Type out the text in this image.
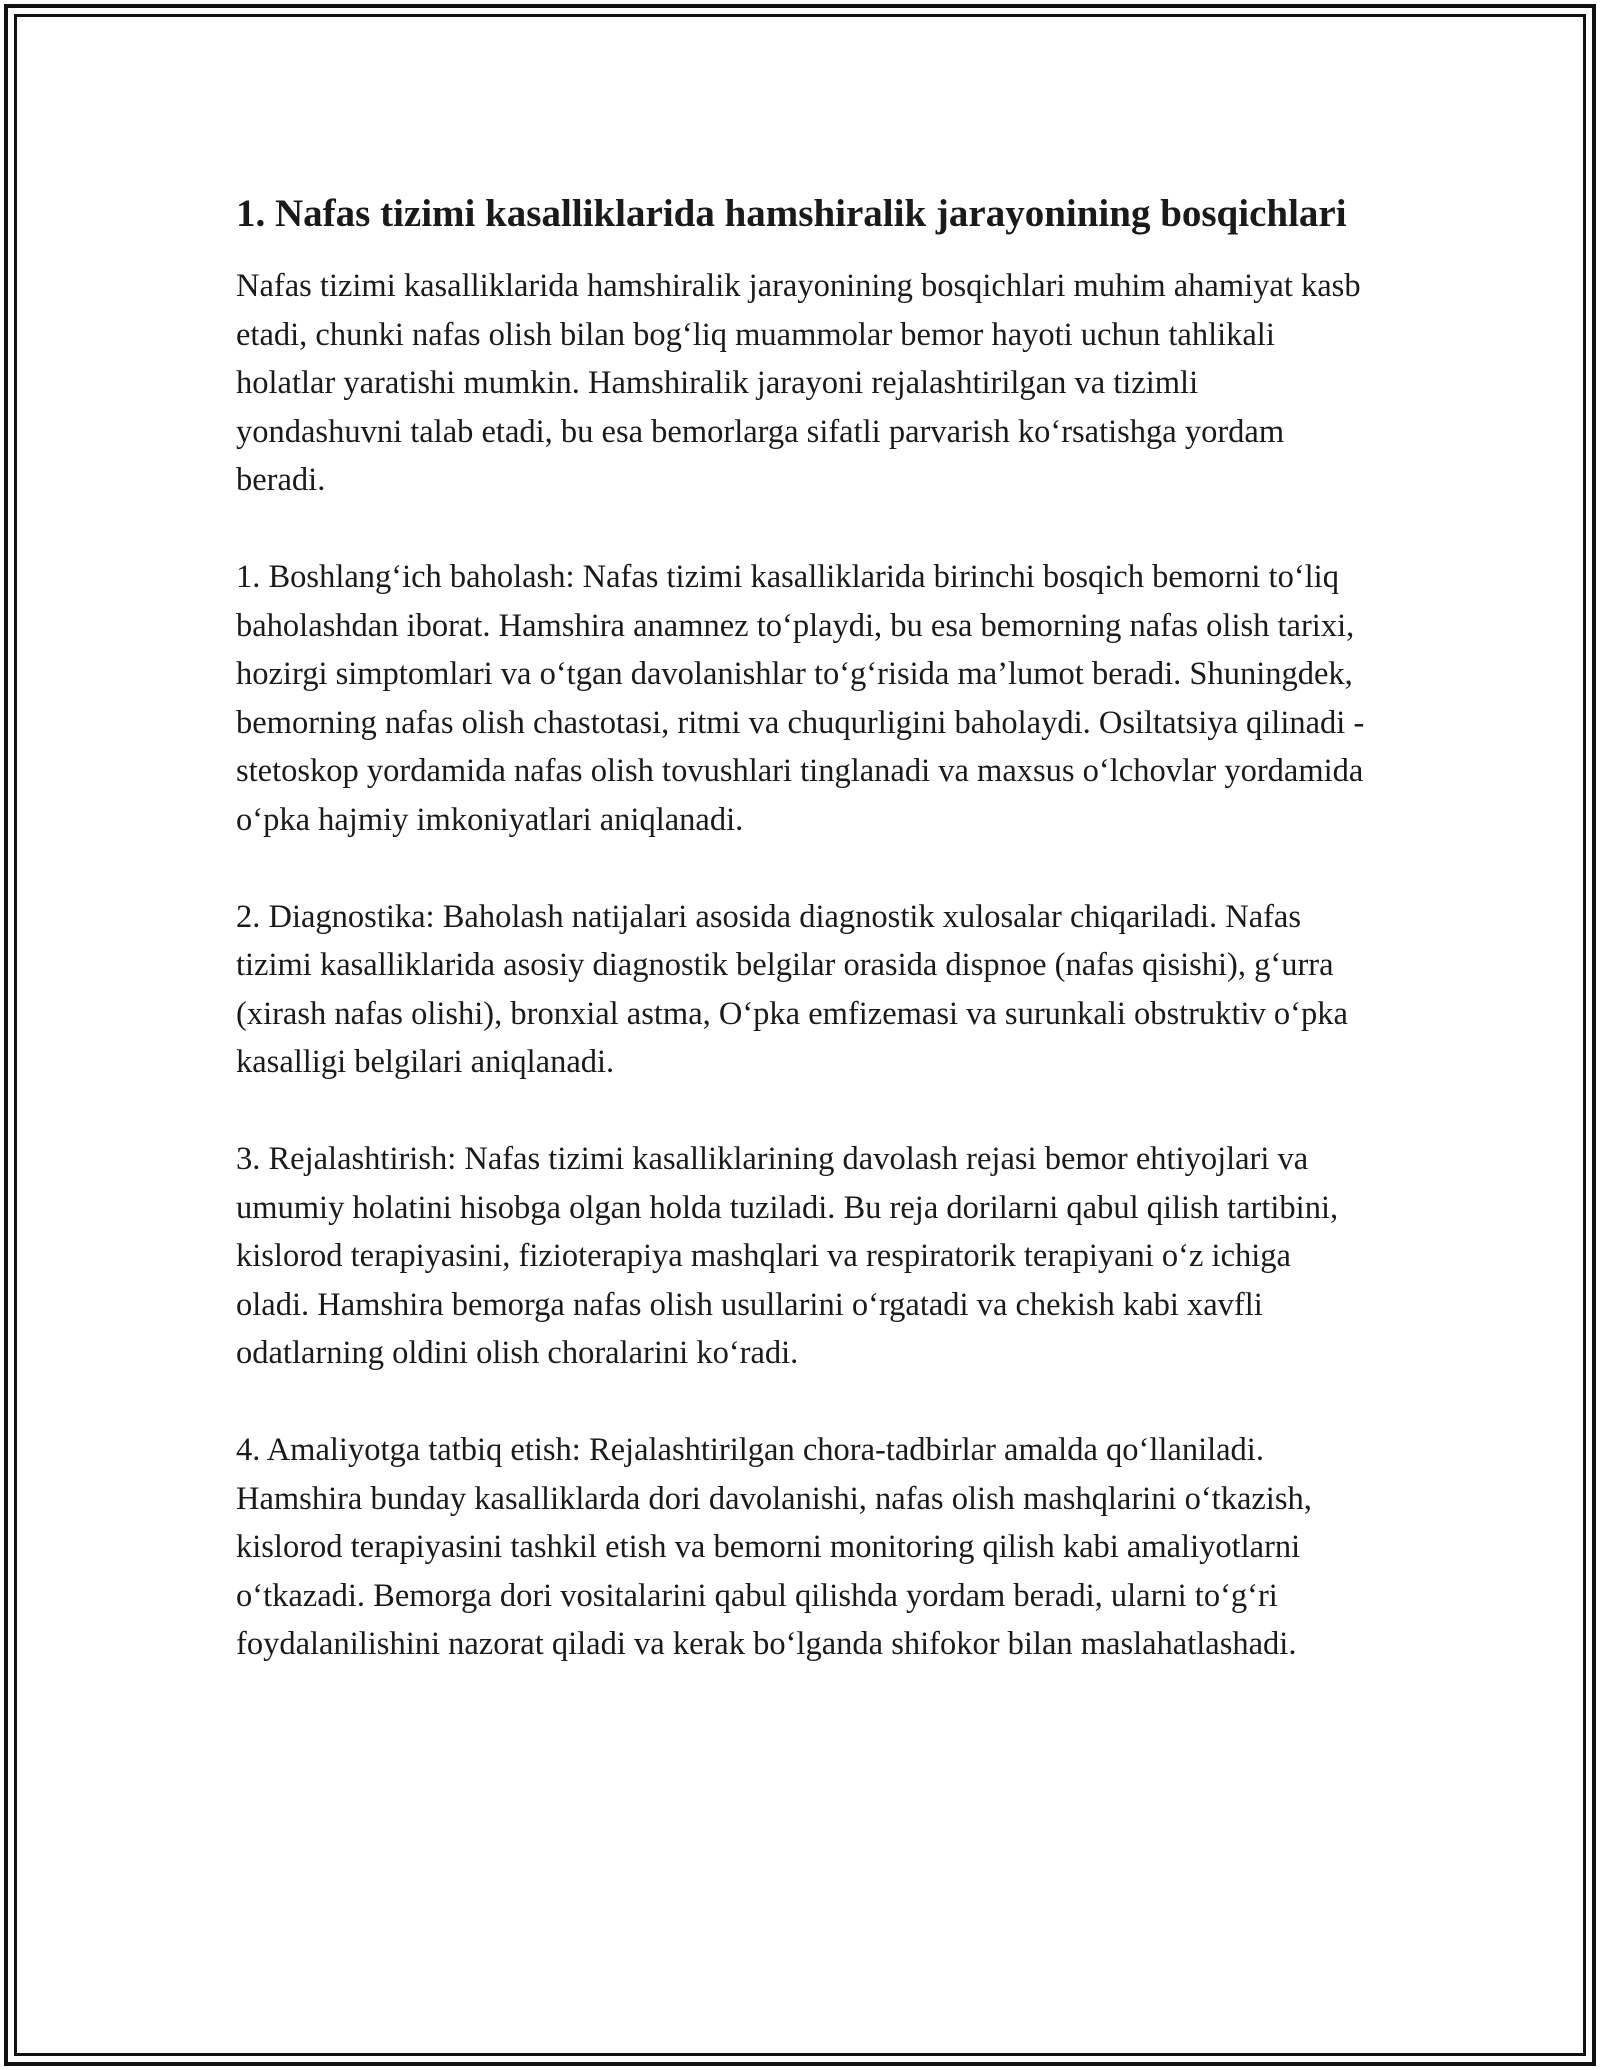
1. Nafas tizimi kasalliklarida hamshiralik jarayonining bosqichlari

Nafas tizimi kasalliklarida hamshiralik jarayonining bosqichlari muhim ahamiyat kasb etadi, chunki nafas olish bilan bog‘liq muammolar bemor hayoti uchun tahlikali holatlar yaratishi mumkin. Hamshiralik jarayoni rejalashtirilgan va tizimli yondashuvni talab etadi, bu esa bemorlarga sifatli parvarish ko‘rsatishga yordam beradi.

1. Boshlang‘ich baholash: Nafas tizimi kasalliklarida birinchi bosqich bemorni to‘liq baholashdan iborat. Hamshira anamnez to‘playdi, bu esa bemorning nafas olish tarixi, hozirgi simptomlari va o‘tgan davolanishlar to‘g‘risida ma’lumot beradi. Shuningdek, bemorning nafas olish chastotasi, ritmi va chuqurligini baholaydi. Osiltatsiya qilinadi - stetoskop yordamida nafas olish tovushlari tinglanadi va maxsus o‘lchovlar yordamida o‘pka hajmiy imkoniyatlari aniqlanadi.

2. Diagnostika: Baholash natijalari asosida diagnostik xulosalar chiqariladi. Nafas tizimi kasalliklarida asosiy diagnostik belgilar orasida dispnoe (nafas qisishi), g‘urra (xirash nafas olishi), bronxial astma, O‘pka emfizemasi va surunkali obstruktiv o‘pka kasalligi belgilari aniqlanadi.

3. Rejalashtirish: Nafas tizimi kasalliklarining davolash rejasi bemor ehtiyojlari va umumiy holatini hisobga olgan holda tuziladi. Bu reja dorilarni qabul qilish tartibini, kislorod terapiyasini, fizioterapiya mashqlari va respiratorik terapiyani o‘z ichiga oladi. Hamshira bemorga nafas olish usullarini o‘rgatadi va chekish kabi xavfli odatlarning oldini olish choralarini ko‘radi.

4. Amaliyotga tatbiq etish: Rejalashtirilgan chora-tadbirlar amalda qo‘llaniladi. Hamshira bunday kasalliklarda dori davolanishi, nafas olish mashqlarini o‘tkazish, kislorod terapiyasini tashkil etish va bemorni monitoring qilish kabi amaliyotlarni o‘tkazadi. Bemorga dori vositalarini qabul qilishda yordam beradi, ularni to‘g‘ri foydalanilishini nazorat qiladi va kerak bo‘lganda shifokor bilan maslahatlashadi.
